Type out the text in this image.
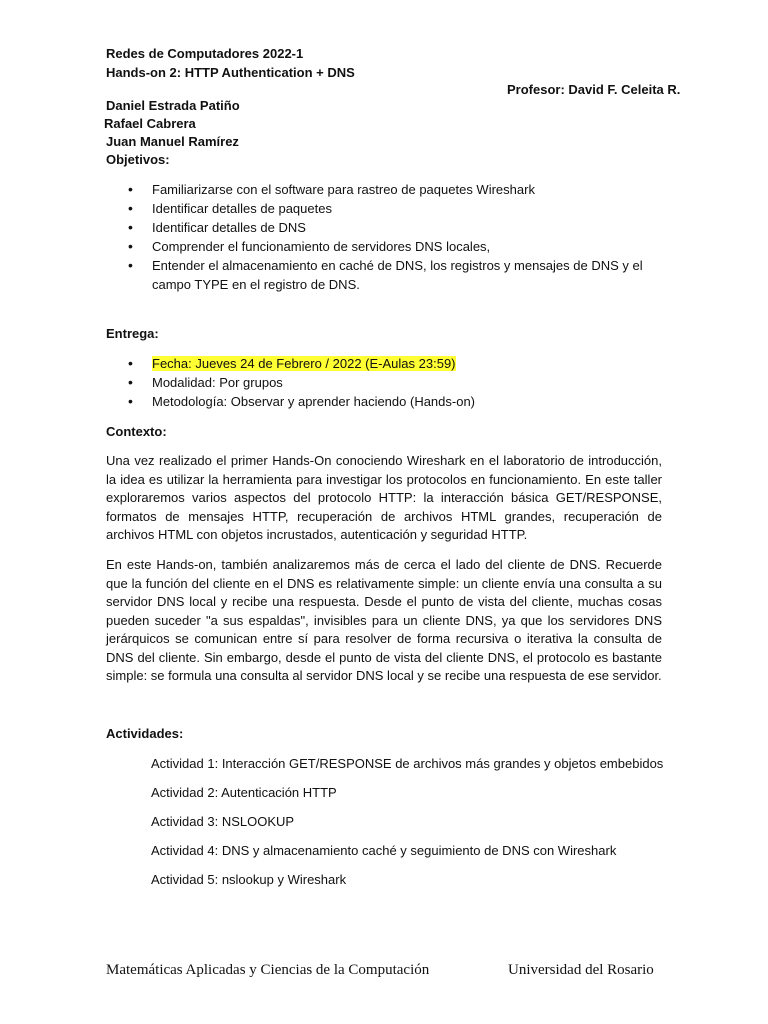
Redes de Computadores 2022-1
Hands-on 2: HTTP Authentication + DNS
Profesor: David F. Celeita R.
Daniel Estrada Patiño
Rafael Cabrera
Juan Manuel Ramírez
Objetivos:
• Familiarizarse con el software para rastreo de paquetes Wireshark
• Identificar detalles de paquetes
• Identificar detalles de DNS
• Comprender el funcionamiento de servidores DNS locales,
• Entender el almacenamiento en caché de DNS, los registros y mensajes de DNS y el campo TYPE en el registro de DNS.
Entrega:
• Fecha: Jueves 24 de Febrero / 2022 (E-Aulas 23:59)
• Modalidad: Por grupos
• Metodología: Observar y aprender haciendo (Hands-on)
Contexto:

Una vez realizado el primer Hands-On conociendo Wireshark en el laboratorio de introducción, la idea es utilizar la herramienta para investigar los protocolos en funcionamiento. En este taller exploraremos varios aspectos del protocolo HTTP: la interacción básica GET/RESPONSE, formatos de mensajes HTTP, recuperación de archivos HTML grandes, recuperación de archivos HTML con objetos incrustados, autenticación y seguridad HTTP.

En este Hands-on, también analizaremos más de cerca el lado del cliente de DNS. Recuerde que la función del cliente en el DNS es relativamente simple: un cliente envía una consulta a su servidor DNS local y recibe una respuesta. Desde el punto de vista del cliente, muchas cosas pueden suceder "a sus espaldas", invisibles para un cliente DNS, ya que los servidores DNS jerárquicos se comunican entre sí para resolver de forma recursiva o iterativa la consulta de DNS del cliente. Sin embargo, desde el punto de vista del cliente DNS, el protocolo es bastante simple: se formula una consulta al servidor DNS local y se recibe una respuesta de ese servidor.

Actividades:
Actividad 1: Interacción GET/RESPONSE de archivos más grandes y objetos embebidos
Actividad 2: Autenticación HTTP
Actividad 3: NSLOOKUP
Actividad 4: DNS y almacenamiento caché y seguimiento de DNS con Wireshark
Actividad 5: nslookup y Wireshark
Matemáticas Aplicadas y Ciencias de la Computación	Universidad del Rosario
